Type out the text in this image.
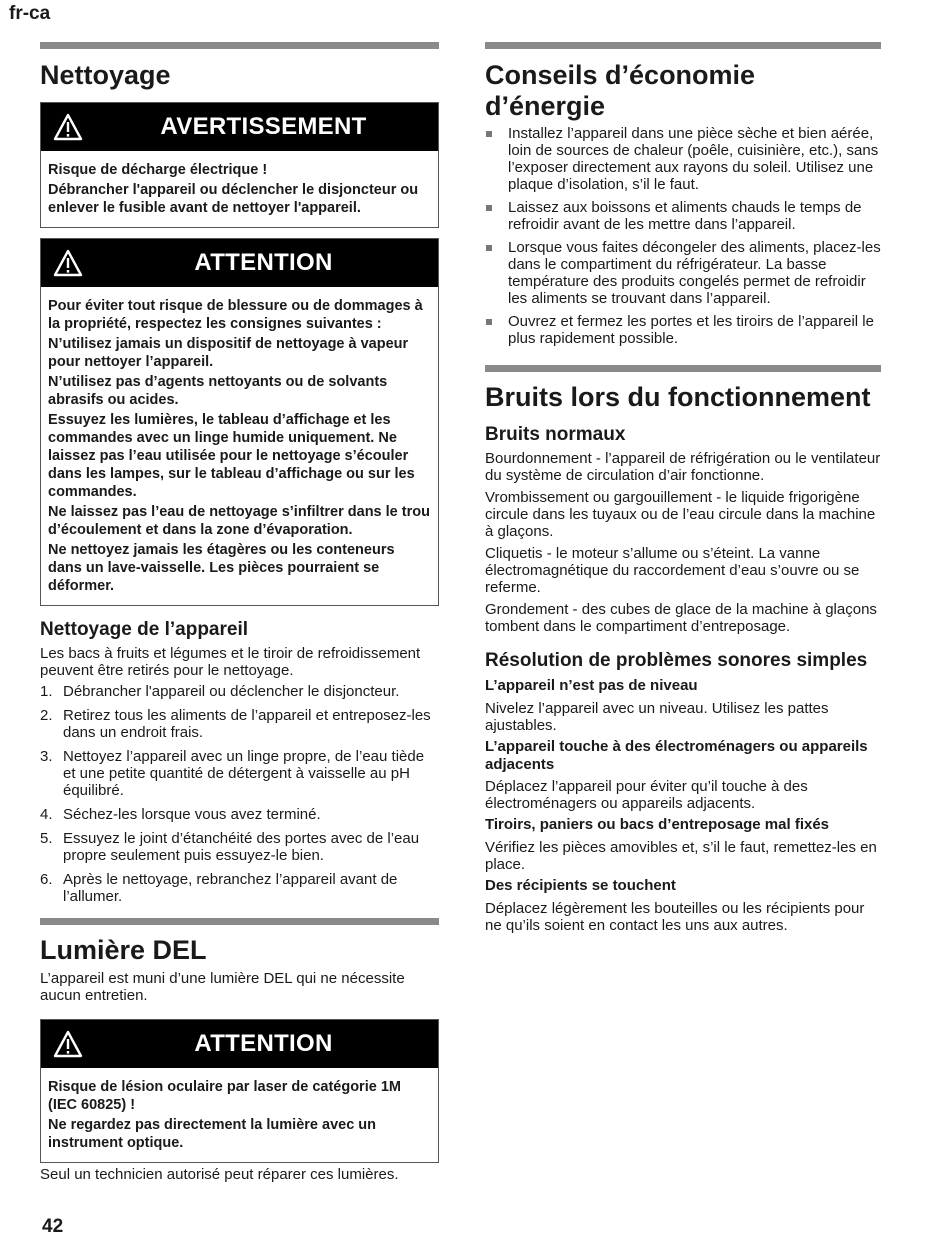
fr-ca
Nettoyage
AVERTISSEMENT

Risque de décharge électrique !

Débrancher l'appareil ou déclencher le disjoncteur ou enlever le fusible avant de nettoyer l'appareil.

ATTENTION

Pour éviter tout risque de blessure ou de dommages à la propriété, respectez les consignes suivantes :

N’utilisez jamais un dispositif de nettoyage à vapeur pour nettoyer l’appareil.

N’utilisez pas d’agents nettoyants ou de solvants abrasifs ou acides.

Essuyez les lumières, le tableau d’affichage et les commandes avec un linge humide uniquement. Ne laissez pas l’eau utilisée pour le nettoyage s’écouler dans les lampes, sur le tableau d’affichage ou sur les commandes.

Ne laissez pas l’eau de nettoyage s’infiltrer dans le trou d’écoulement et dans la zone d’évaporation.

Ne nettoyez jamais les étagères ou les conteneurs dans un lave-vaisselle. Les pièces pourraient se déformer.

Nettoyage de l’appareil

Les bacs à fruits et légumes et le tiroir de refroidissement peuvent être retirés pour le nettoyage.

1. Débrancher l'appareil ou déclencher le disjoncteur.
2. Retirez tous les aliments de l’appareil et entreposez-les dans un endroit frais.
3. Nettoyez l’appareil avec un linge propre, de l’eau tiède et une petite quantité de détergent à vaisselle au pH équilibré.
4. Séchez-les lorsque vous avez terminé.
5. Essuyez le joint d’étanchéité des portes avec de l’eau propre seulement puis essuyez-le bien.
6. Après le nettoyage, rebranchez l’appareil avant de l’allumer.
Lumière DEL

L’appareil est muni d’une lumière DEL qui ne nécessite aucun entretien.

ATTENTION

Risque de lésion oculaire par laser de catégorie 1M (IEC 60825) !

Ne regardez pas directement la lumière avec un instrument optique.

Seul un technicien autorisé peut réparer ces lumières.

Conseils d’économie d’énergie
Installez l’appareil dans une pièce sèche et bien aérée, loin de sources de chaleur (poêle, cuisinière, etc.), sans l’exposer directement aux rayons du soleil. Utilisez une plaque d’isolation, s’il le faut.
Laissez aux boissons et aliments chauds le temps de refroidir avant de les mettre dans l’appareil.
Lorsque vous faites décongeler des aliments, placez-les dans le compartiment du réfrigérateur. La basse température des produits congelés permet de refroidir les aliments se trouvant dans l’appareil.
Ouvrez et fermez les portes et les tiroirs de l’appareil le plus rapidement possible.
Bruits lors du fonctionnement
Bruits normaux

Bourdonnement - l’appareil de réfrigération ou le ventilateur du système de circulation d’air fonctionne.

Vrombissement ou gargouillement - le liquide frigorigène circule dans les tuyaux ou de l’eau circule dans la machine à glaçons.

Cliquetis - le moteur s’allume ou s’éteint. La vanne électromagnétique du raccordement d’eau s’ouvre ou se referme.

Grondement - des cubes de glace de la machine à glaçons tombent dans le compartiment d’entreposage.

Résolution de problèmes sonores simples
L’appareil n’est pas de niveau

Nivelez l’appareil avec un niveau. Utilisez les pattes ajustables.

L’appareil touche à des électroménagers ou appareils adjacents

Déplacez l’appareil pour éviter qu’il touche à des électroménagers ou appareils adjacents.

Tiroirs, paniers ou bacs d’entreposage mal fixés

Vérifiez les pièces amovibles et, s’il le faut, remettez-les en place.

Des récipients se touchent

Déplacez légèrement les bouteilles ou les récipients pour ne qu’ils soient en contact les uns aux autres.

42
